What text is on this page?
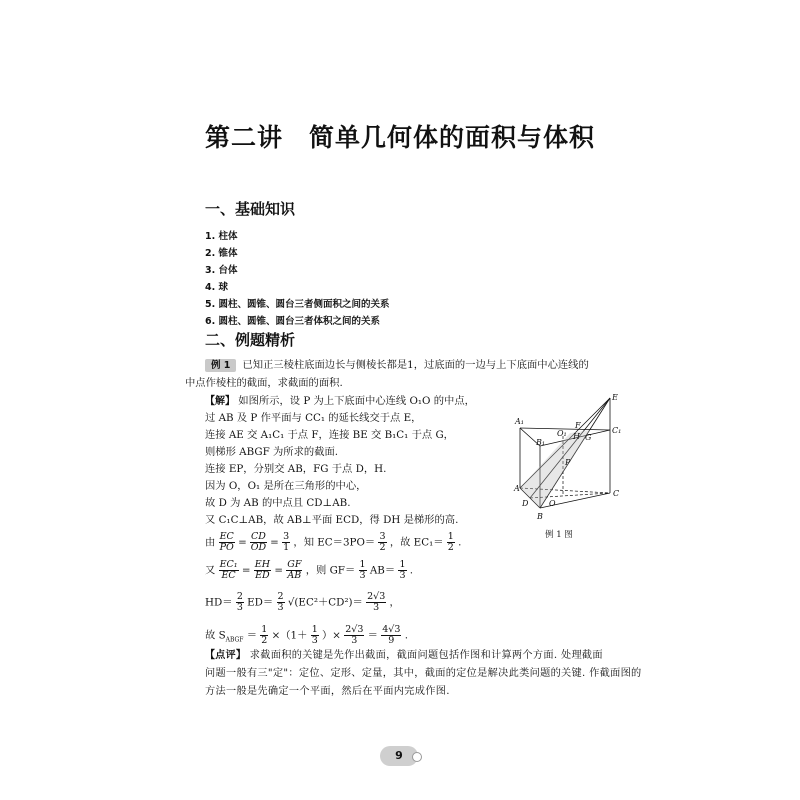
第二讲　简单几何体的面积与体积
一、基础知识
1. 柱体
2. 锥体
3. 台体
4. 球
5. 圆柱、圆锥、圆台三者侧面积之间的关系
6. 圆柱、圆锥、圆台三者体积之间的关系
二、例题精析
例 1 已知正三棱柱底面边长与侧棱长都是1，过底面的一边与上下底面中心连线的
中点作棱柱的截面，求截面的面积.
【解】 如图所示，设 P 为上下底面中心连线 O₁O 的中点，
过 AB 及 P 作平面与 CC₁ 的延长线交于点 E，
连接 AE 交 A₁C₁ 于点 F，连接 BE 交 B₁C₁ 于点 G，
则梯形 ABGF 为所求的截面.
连接 EP，分别交 AB，FG 于点 D，H.
因为 O，O₁ 是所在三角形的中心，
故 D 为 AB 的中点且 CD⊥AB.
又 C₁C⊥AB，故 AB⊥平面 ECD，得 DH 是梯形的高.
由 $\frac{EC}{PO} = \frac{CD}{OD} = \frac{3}{1}$ ，知 $EC=3PO= \frac{3}{2}$ ，故 $EC_1= \frac{1}{2}$ .
又 $\frac{\text{EC₁}}{EC} = \frac{EH}{ED} = \frac{GF}{AB}$ ，则 $GF= \frac{1}{3} AB= \frac{1}{3}$ .
$HD= \frac{2}{3} ED= \frac{2}{3} √(EC^2+CD^2)= \frac{2√3}{3}$ ，
故 $S_{ABGF} = \frac{1}{2} \times(1+ \frac{1}{3}$ ）× $\frac{2√3}{3} = \frac{4√3}{9}$ .
E
A₁
C₁
B₁
O₁
F
H G
P
A
C
D	O
B
例 1 图
【点评】 求截面积的关键是先作出截面，截面问题包括作图和计算两个方面. 处理截面
问题一般有三"定"：定位、定形、定量，其中，截面的定位是解决此类问题的关键. 作截面图的
方法一般是先确定一个平面，然后在平面内完成作图.
9
